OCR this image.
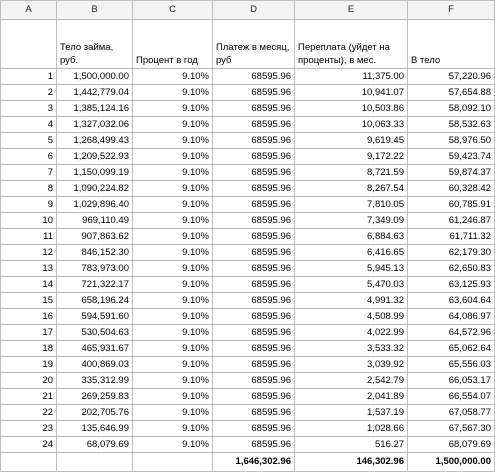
A	B	C	D	E	F
	Тело займа, руб.	Процент в год	Платеж в месяц, руб	Переплата (уйдет на проценты), в мес.	В тело
1	1,500,000.00	9.10%	68595.96	11,375.00	57,220.96
2	1,442,779.04	9.10%	68595.96	10,941.07	57,654.88
3	1,385,124.16	9.10%	68595.96	10,503.86	58,092.10
4	1,327,032.06	9.10%	68595.96	10,063.33	58,532.63
5	1,268,499.43	9.10%	68595.96	9,619.45	58,976.50
6	1,209,522.93	9.10%	68595.96	9,172.22	59,423.74
7	1,150,099.19	9.10%	68595.96	8,721.59	59,874.37
8	1,090,224.82	9.10%	68595.96	8,267.54	60,328.42
9	1,029,896.40	9.10%	68595.96	7,810.05	60,785.91
10	969,110.49	9.10%	68595.96	7,349.09	61,246.87
11	907,863.62	9.10%	68595.96	6,884.63	61,711.32
12	846,152.30	9.10%	68595.96	6,416.65	62,179.30
13	783,973.00	9.10%	68595.96	5,945.13	62,650.83
14	721,322.17	9.10%	68595.96	5,470.03	63,125.93
15	658,196.24	9.10%	68595.96	4,991.32	63,604.64
16	594,591.60	9.10%	68595.96	4,508.99	64,086.97
17	530,504.63	9.10%	68595.96	4,022.99	64,572.96
18	465,931.67	9.10%	68595.96	3,533.32	65,062.64
19	400,869.03	9.10%	68595.96	3,039.92	65,556.03
20	335,312.99	9.10%	68595.96	2,542.79	66,053.17
21	269,259.83	9.10%	68595.96	2,041.89	66,554.07
22	202,705.76	9.10%	68595.96	1,537.19	67,058.77
23	135,646.99	9.10%	68595.96	1,028.66	67,567.30
24	68,079.69	9.10%	68595.96	516.27	68,079.69
			1,646,302.96	146,302.96	1,500,000.00
